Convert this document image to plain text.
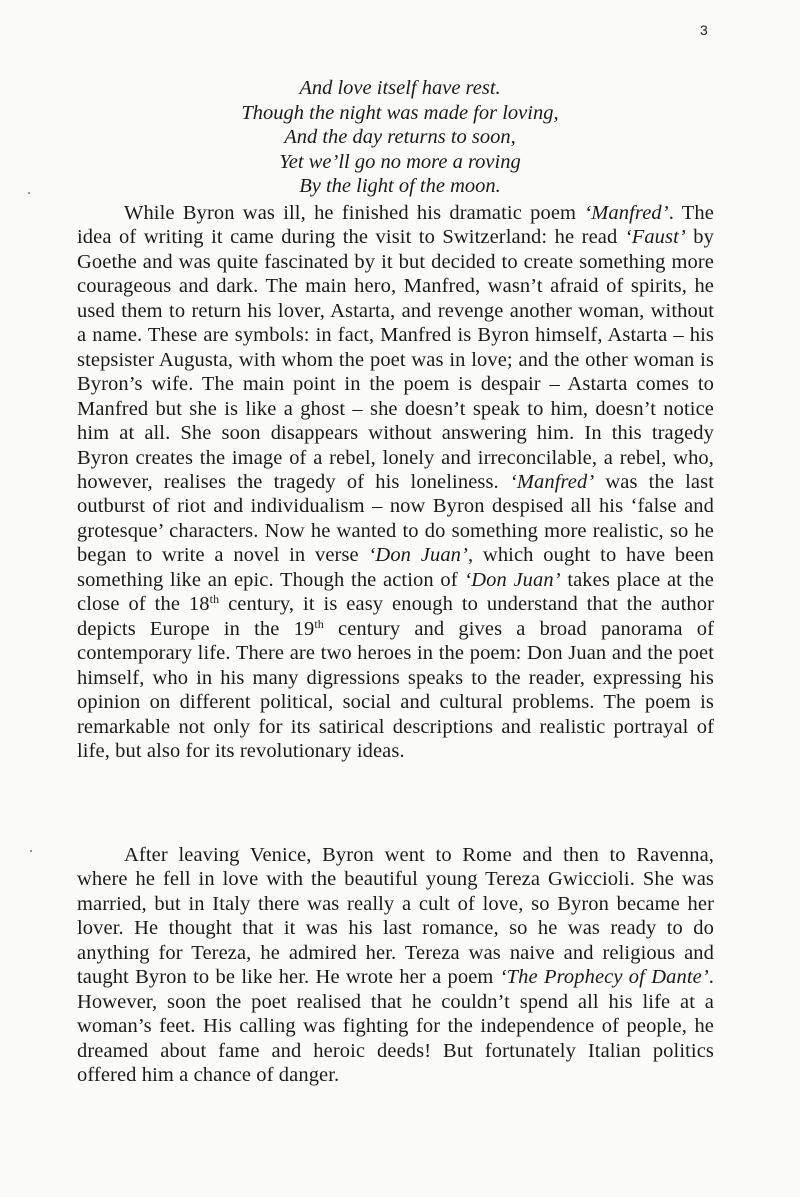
3
And love itself have rest.
Though the night was made for loving,
And the day returns to soon,
Yet we’ll go no more a roving
By the light of the moon.

While Byron was ill, he finished his dramatic poem ‘Manfred’. The idea of writing it came during the visit to Switzerland: he read ‘Faust’ by Goethe and was quite fascinated by it but decided to create something more courageous and dark. The main hero, Manfred, wasn’t afraid of spirits, he used them to return his lover, Astarta, and revenge another woman, without a name. These are symbols: in fact, Manfred is Byron himself, Astarta – his stepsister Augusta, with whom the poet was in love; and the other woman is Byron’s wife. The main point in the poem is despair – Astarta comes to Manfred but she is like a ghost – she doesn’t speak to him, doesn’t notice him at all. She soon disappears without answering him. In this tragedy Byron creates the image of a rebel, lonely and irreconcilable, a rebel, who, however, realises the tragedy of his loneliness. ‘Manfred’ was the last outburst of riot and individualism – now Byron despised all his ‘false and grotesque’ characters. Now he wanted to do something more realistic, so he began to write a novel in verse ‘Don Juan’, which ought to have been something like an epic. Though the action of ‘Don Juan’ takes place at the close of the 18th century, it is easy enough to understand that the author depicts Europe in the 19th century and gives a broad panorama of contemporary life. There are two heroes in the poem: Don Juan and the poet himself, who in his many digressions speaks to the reader, expressing his opinion on different political, social and cultural problems. The poem is remarkable not only for its satirical descriptions and realistic portrayal of life, but also for its revolutionary ideas.

After leaving Venice, Byron went to Rome and then to Ravenna, where he fell in love with the beautiful young Tereza Gwiccioli. She was married, but in Italy there was really a cult of love, so Byron became her lover. He thought that it was his last romance, so he was ready to do anything for Tereza, he admired her. Tereza was naive and religious and taught Byron to be like her. He wrote her a poem ‘The Prophecy of Dante’. However, soon the poet realised that he couldn’t spend all his life at a woman’s feet. His calling was fighting for the independence of people, he dreamed about fame and heroic deeds! But fortunately Italian politics offered him a chance of danger.
